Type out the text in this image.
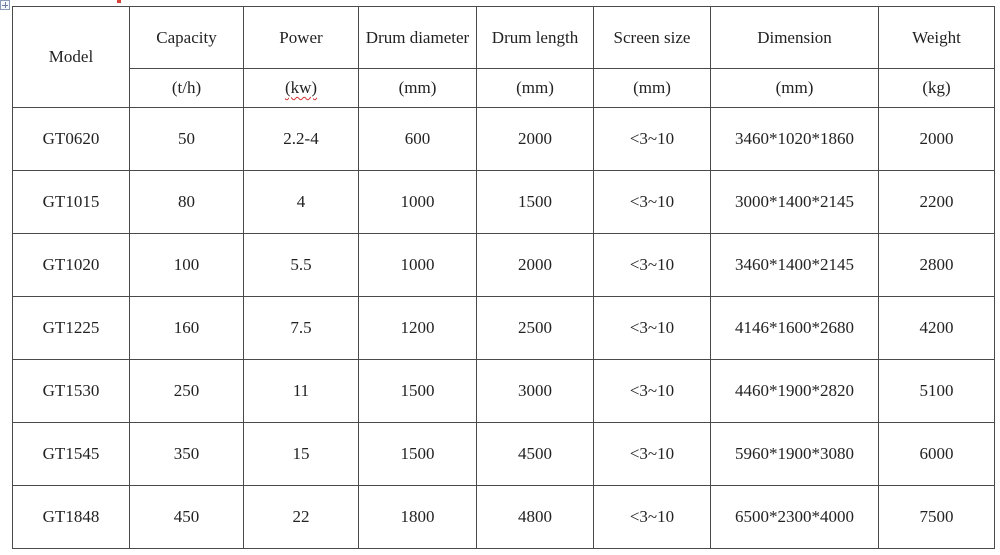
Model	Capacity	Power	Drum diameter	Drum length	Screen size	Dimension	Weight
	(t/h)	(kw)	(mm)	(mm)	(mm)	(mm)	(kg)
GT0620	50	2.2-4	600	2000	<3~10	3460*1020*1860	2000
GT1015	80	4	1000	1500	<3~10	3000*1400*2145	2200
GT1020	100	5.5	1000	2000	<3~10	3460*1400*2145	2800
GT1225	160	7.5	1200	2500	<3~10	4146*1600*2680	4200
GT1530	250	11	1500	3000	<3~10	4460*1900*2820	5100
GT1545	350	15	1500	4500	<3~10	5960*1900*3080	6000
GT1848	450	22	1800	4800	<3~10	6500*2300*4000	7500
